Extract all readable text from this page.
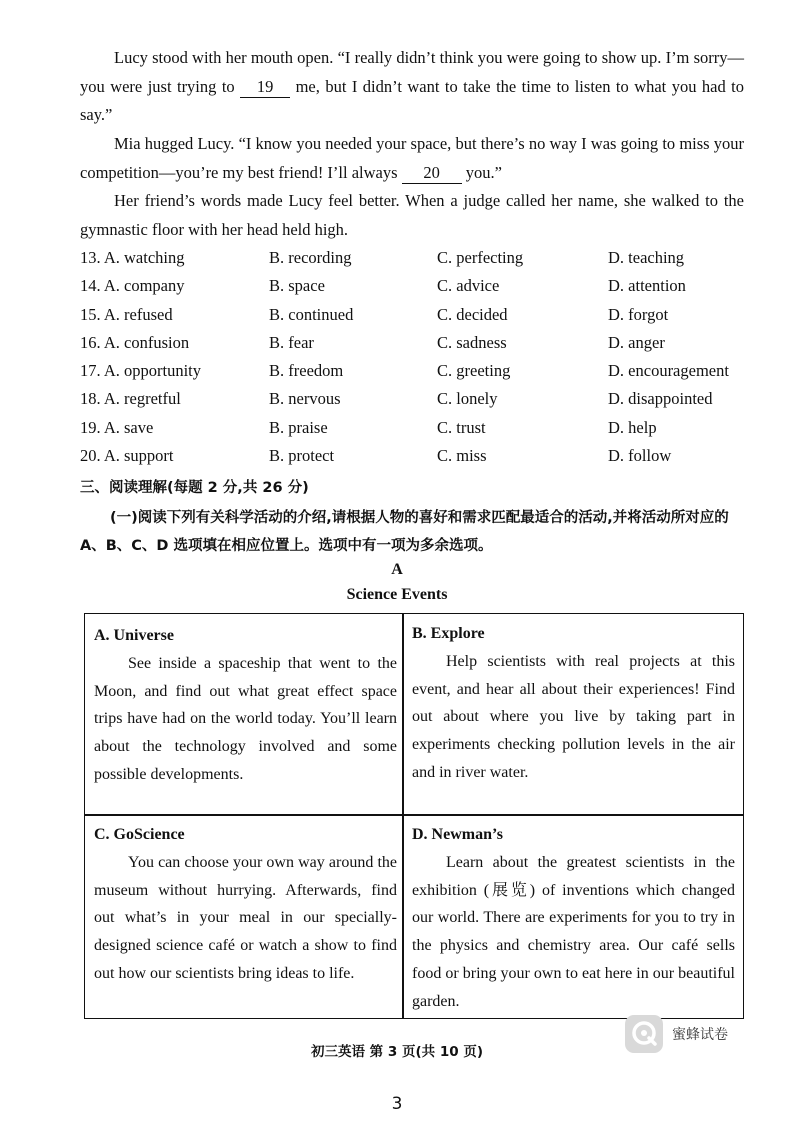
Lucy stood with her mouth open. “I really didn’t think you were going to show up. I’m sorry—you were just trying to 19 me, but I didn’t want to take the time to listen to what you had to say.”
Mia hugged Lucy. “I know you needed your space, but there’s no way I was going to miss your competition—you’re my best friend! I’ll always 20 you.”
Her friend’s words made Lucy feel better. When a judge called her name, she walked to the gymnastic floor with her head held high.
13. A. watching	B. recording	C. perfecting	D. teaching
14. A. company	B. space	C. advice	D. attention
15. A. refused	B. continued	C. decided	D. forgot
16. A. confusion	B. fear	C. sadness	D. anger
17. A. opportunity	B. freedom	C. greeting	D. encouragement
18. A. regretful	B. nervous	C. lonely	D. disappointed
19. A. save	B. praise	C. trust	D. help
20. A. support	B. protect	C. miss	D. follow
三、阅读理解(每题 2 分,共 26 分)
(一)阅读下列有关科学活动的介绍,请根据人物的喜好和需求匹配最适合的活动,并将活动所对应的 A、B、C、D 选项填在相应位置上。选项中有一项为多余选项。
A
Science Events
A. Universe
See inside a spaceship that went to the Moon, and find out what great effect space trips have had on the world today. You’ll learn about the technology involved and some possible developments.
B. Explore
Help scientists with real projects at this event, and hear all about their experiences! Find out about where you live by taking part in experiments checking pollution levels in the air and in river water.
C. GoScience
You can choose your own way around the museum without hurrying. Afterwards, find out what’s in your meal in our specially-designed science café or watch a show to find out how our scientists bring ideas to life.
D. Newman’s
Learn about the greatest scientists in the exhibition (展览) of inventions which changed our world. There are experiments for you to try in the physics and chemistry area. Our café sells food or bring your own to eat here in our beautiful garden.
蜜蜂试卷
初三英语 第 3 页(共 10 页)
3
